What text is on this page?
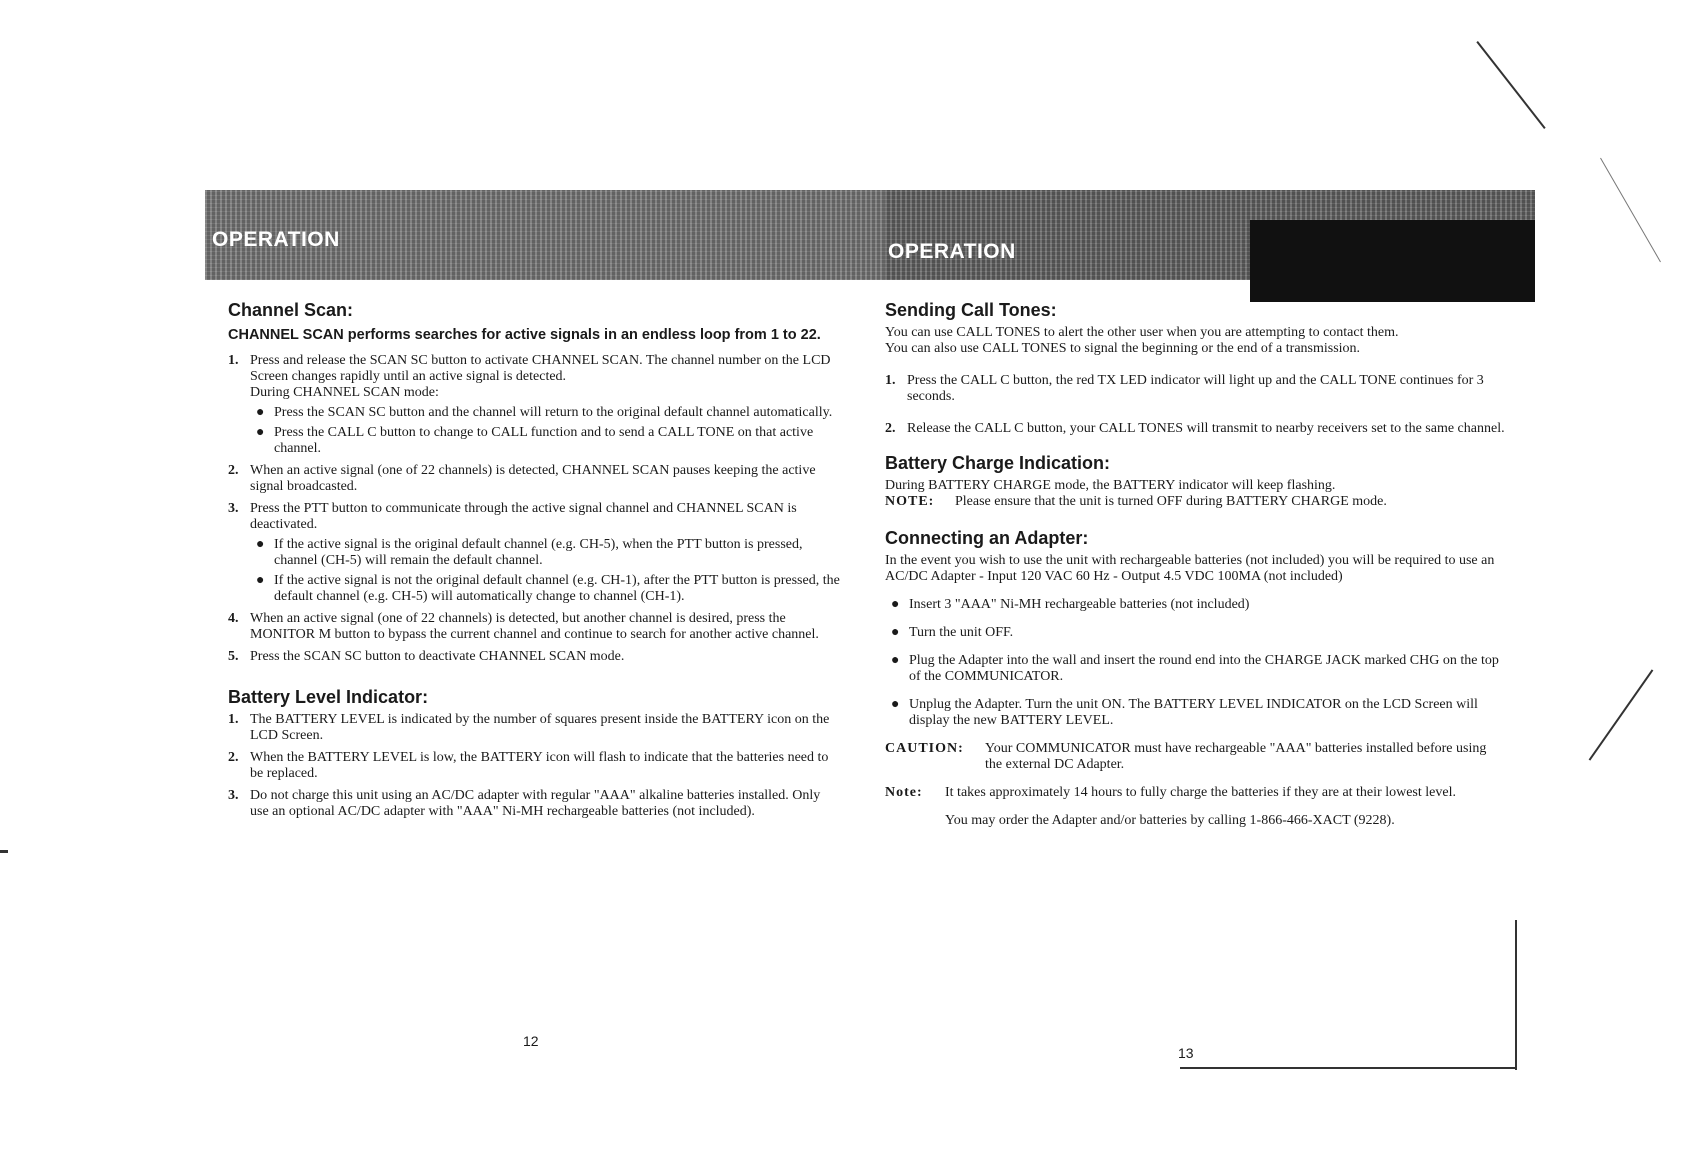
OPERATION
OPERATION
Channel Scan:
CHANNEL SCAN performs searches for active signals in an endless loop from 1 to 22.
1. Press and release the SCAN SC button to activate CHANNEL SCAN. The channel number on the LCD Screen changes rapidly until an active signal is detected.
During CHANNEL SCAN mode:
● Press the SCAN SC button and the channel will return to the original default channel automatically.
● Press the CALL C button to change to CALL function and to send a CALL TONE on that active channel.
2. When an active signal (one of 22 channels) is detected, CHANNEL SCAN pauses keeping the active signal broadcasted.
3. Press the PTT button to communicate through the active signal channel and CHANNEL SCAN is deactivated.
● If the active signal is the original default channel (e.g. CH-5), when the PTT button is pressed, channel (CH-5) will remain the default channel.
● If the active signal is not the original default channel (e.g. CH-1), after the PTT button is pressed, the default channel (e.g. CH-5) will automatically change to channel (CH-1).
4. When an active signal (one of 22 channels) is detected, but another channel is desired, press the MONITOR M button to bypass the current channel and continue to search for another active channel.
5. Press the SCAN SC button to deactivate CHANNEL SCAN mode.
Battery Level Indicator:
1. The BATTERY LEVEL is indicated by the number of squares present inside the BATTERY icon on the LCD Screen.
2. When the BATTERY LEVEL is low, the BATTERY icon will flash to indicate that the batteries need to be replaced.
3. Do not charge this unit using an AC/DC adapter with regular "AAA" alkaline batteries installed. Only use an optional AC/DC adapter with "AAA" Ni-MH rechargeable batteries (not included).
Sending Call Tones:

You can use CALL TONES to alert the other user when you are attempting to contact them.

You can also use CALL TONES to signal the beginning or the end of a transmission.

1. Press the CALL C button, the red TX LED indicator will light up and the CALL TONE continues for 3 seconds.
2. Release the CALL C button, your CALL TONES will transmit to nearby receivers set to the same channel.
Battery Charge Indication:

During BATTERY CHARGE mode, the BATTERY indicator will keep flashing.

NOTE:	Please ensure that the unit is turned OFF during BATTERY CHARGE mode.
Connecting an Adapter:

In the event you wish to use the unit with rechargeable batteries (not included) you will be required to use an AC/DC Adapter - Input 120 VAC 60 Hz - Output 4.5 VDC 100MA (not included)

● Insert 3 "AAA" Ni-MH rechargeable batteries (not included)
● Turn the unit OFF.
● Plug the Adapter into the wall and insert the round end into the CHARGE JACK marked CHG on the top of the COMMUNICATOR.
● Unplug the Adapter. Turn the unit ON. The BATTERY LEVEL INDICATOR on the LCD Screen will display the new BATTERY LEVEL.
CAUTION:	Your COMMUNICATOR must have rechargeable "AAA" batteries installed before using the external DC Adapter.
Note:	It takes approximately 14 hours to fully charge the batteries if they are at their lowest level.

You may order the Adapter and/or batteries by calling 1-866-466-XACT (9228).

12
13
